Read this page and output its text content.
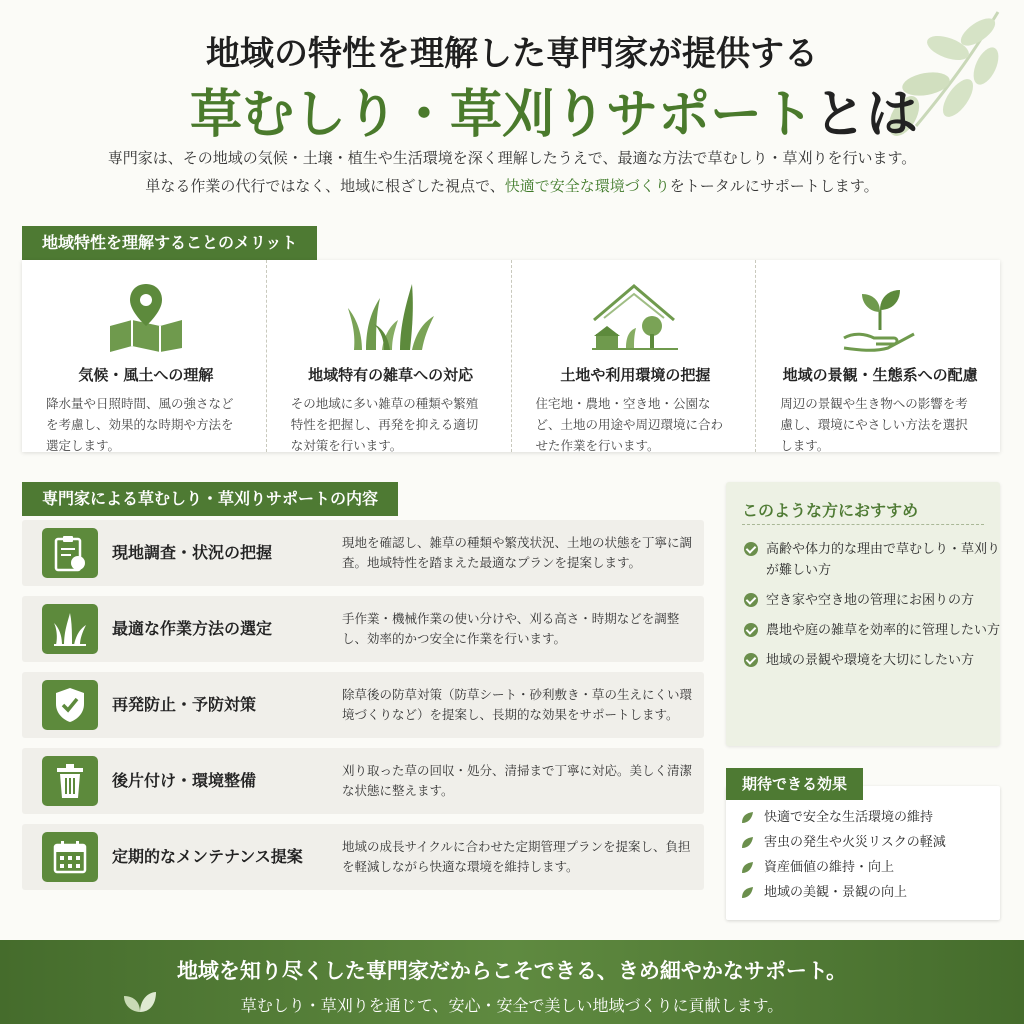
地域の特性を理解した専門家が提供する
草むしり・草刈りサポートとは
専門家は、その地域の気候・土壌・植生や生活環境を深く理解したうえで、最適な方法で草むしり・草刈りを行います。
単なる作業の代行ではなく、地域に根ざした視点で、快適で安全な環境づくりをトータルにサポートします。
地域特性を理解することのメリット
気候・風土への理解
降水量や日照時間、風の強さなどを考慮し、効果的な時期や方法を選定します。
地域特有の雑草への対応
その地域に多い雑草の種類や繁殖特性を把握し、再発を抑える適切な対策を行います。
土地や利用環境の把握
住宅地・農地・空き地・公園など、土地の用途や周辺環境に合わせた作業を行います。
地域の景観・生態系への配慮
周辺の景観や生き物への影響を考慮し、環境にやさしい方法を選択します。
専門家による草むしり・草刈りサポートの内容
現地調査・状況の把握
現地を確認し、雑草の種類や繁茂状況、土地の状態を丁寧に調査。地域特性を踏まえた最適なプランを提案します。
最適な作業方法の選定
手作業・機械作業の使い分けや、刈る高さ・時期などを調整し、効率的かつ安全に作業を行います。
再発防止・予防対策
除草後の防草対策（防草シート・砂利敷き・草の生えにくい環境づくりなど）を提案し、長期的な効果をサポートします。
後片付け・環境整備
刈り取った草の回収・処分、清掃まで丁寧に対応。美しく清潔な状態に整えます。
定期的なメンテナンス提案
地域の成長サイクルに合わせた定期管理プランを提案し、負担を軽減しながら快適な環境を維持します。
このような方におすすめ
高齢や体力的な理由で草むしり・草刈りが難しい方
空き家や空き地の管理にお困りの方
農地や庭の雑草を効率的に管理したい方
地域の景観や環境を大切にしたい方
期待できる効果
快適で安全な生活環境の維持
害虫の発生や火災リスクの軽減
資産価値の維持・向上
地域の美観・景観の向上
地域を知り尽くした専門家だからこそできる、きめ細やかなサポート。
草むしり・草刈りを通じて、安心・安全で美しい地域づくりに貢献します。
